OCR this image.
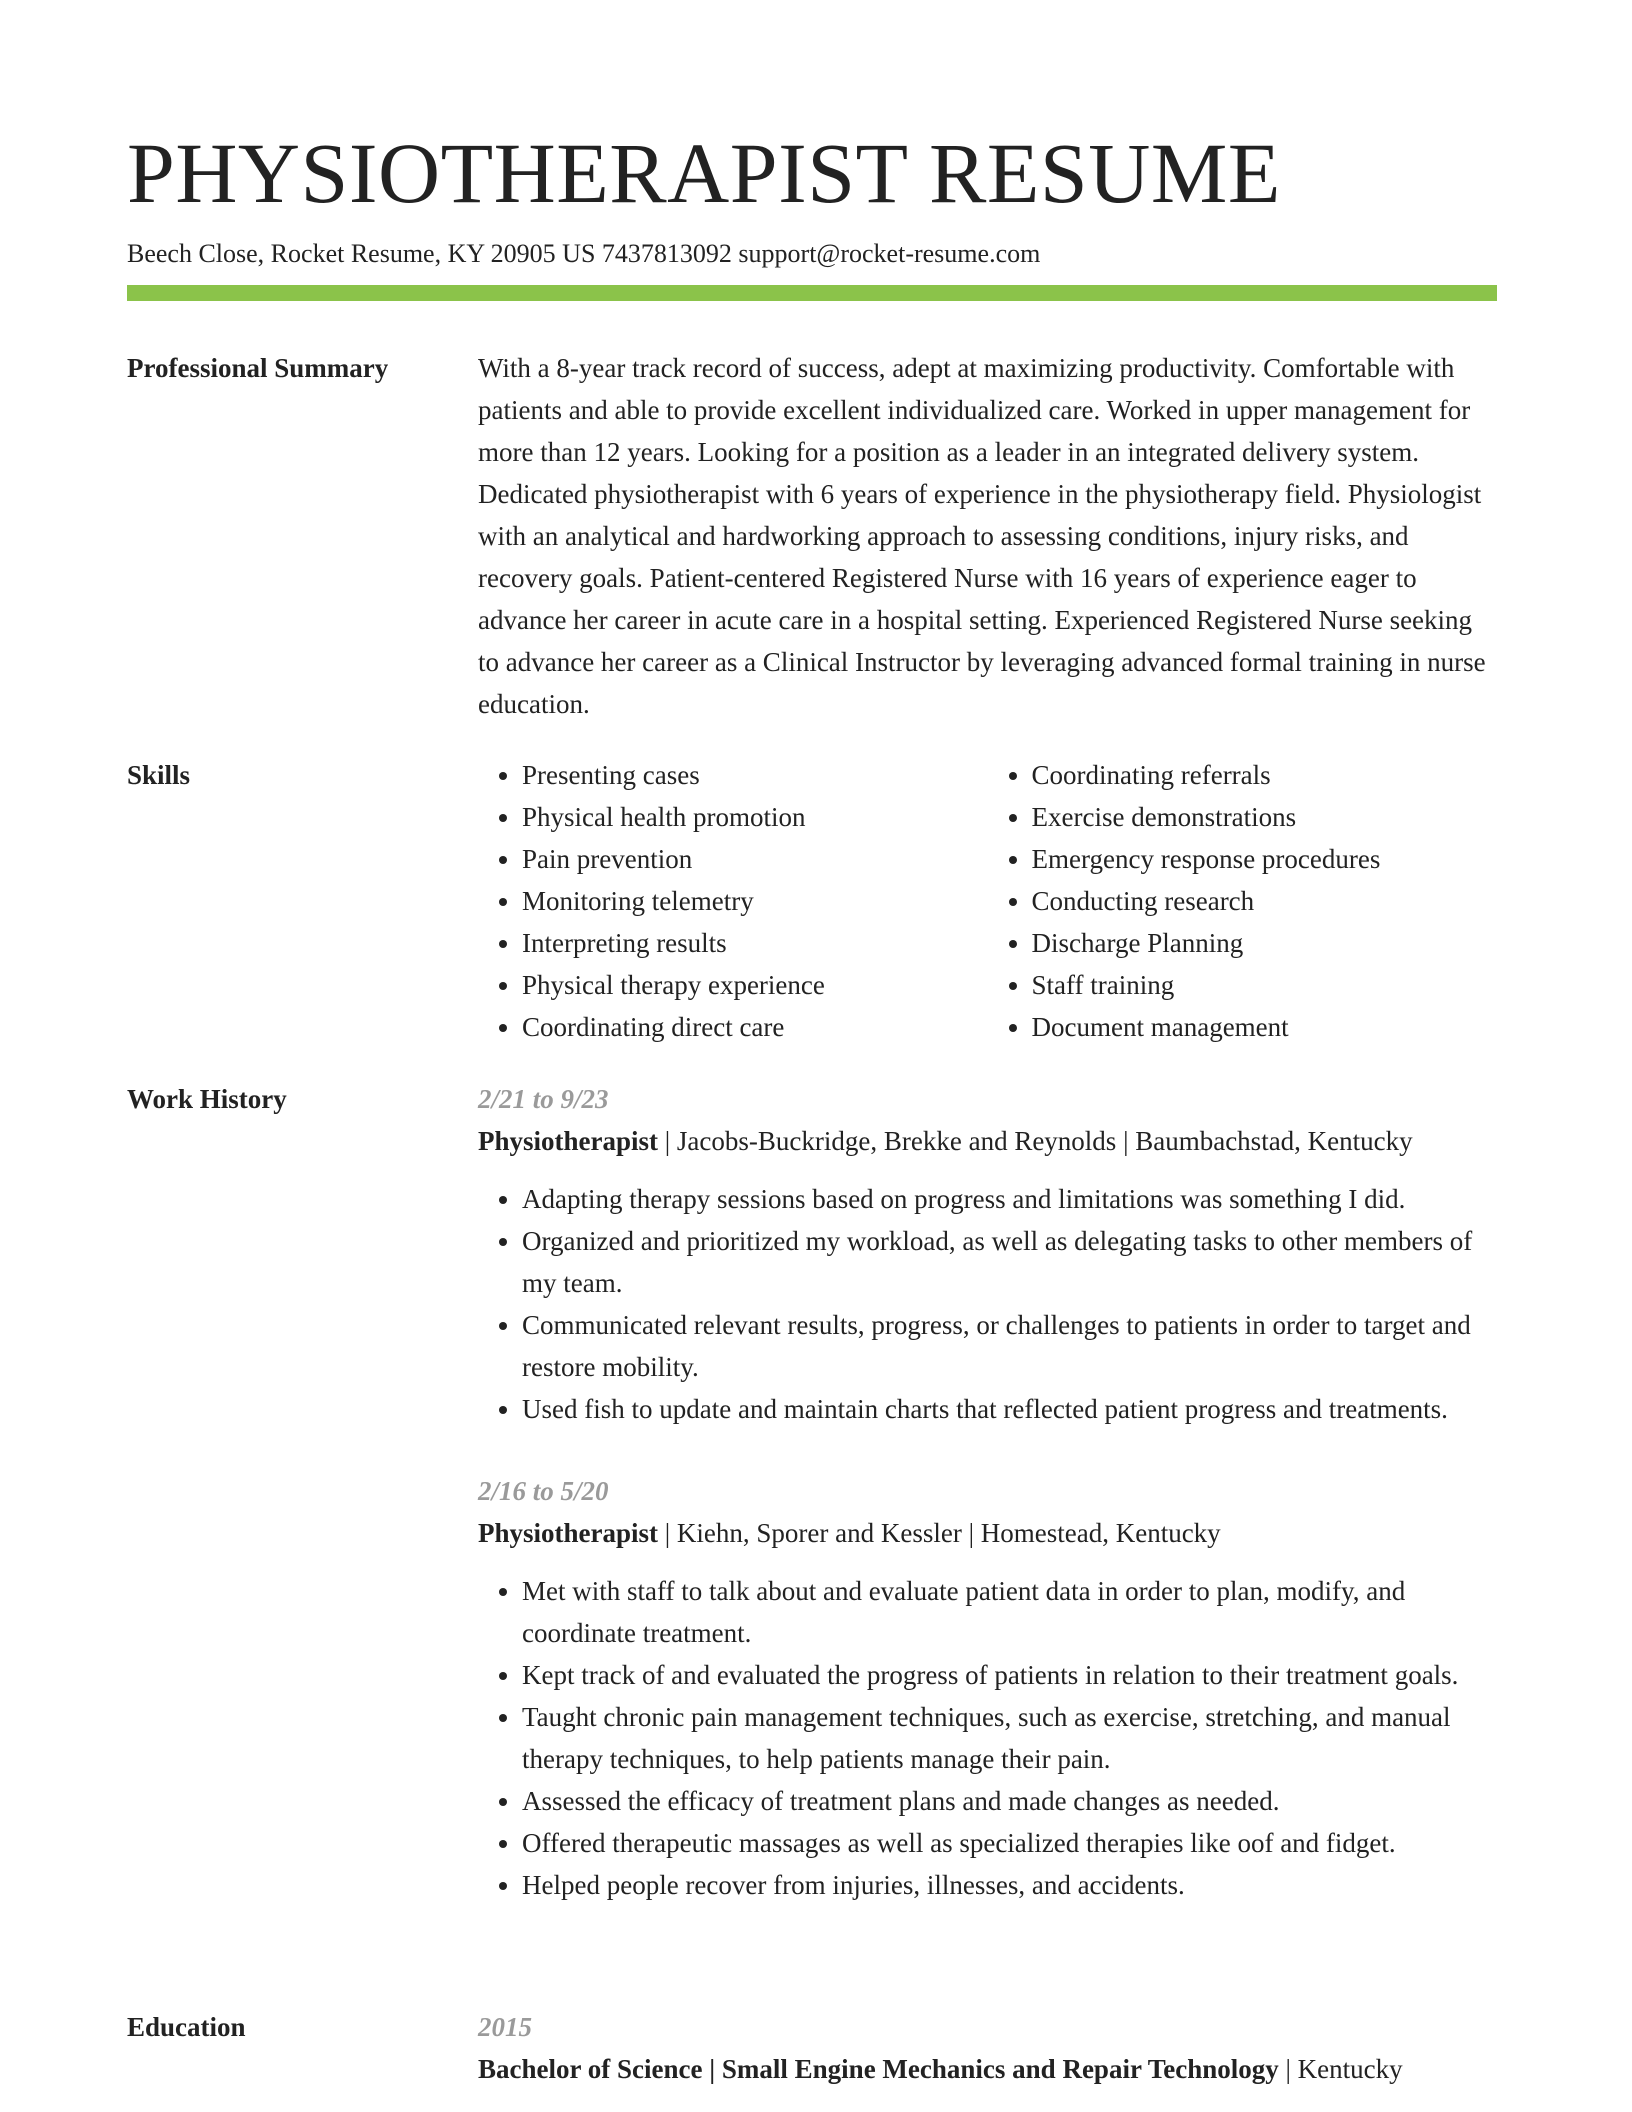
PHYSIOTHERAPIST RESUME
Beech Close, Rocket Resume, KY 20905 US 7437813092 support@rocket-resume.com
Professional Summary	With a 8-year track record of success, adept at maximizing productivity. Comfortable with patients and able to provide excellent individualized care. Worked in upper management for more than 12 years. Looking for a position as a leader in an integrated delivery system. Dedicated physiotherapist with 6 years of experience in the physiotherapy field. Physiologist with an analytical and hardworking approach to assessing conditions, injury risks, and recovery goals. Patient-centered Registered Nurse with 16 years of experience eager to advance her career in acute care in a hospital setting. Experienced Registered Nurse seeking to advance her career as a Clinical Instructor by leveraging advanced formal training in nurse education.

Skills
•	Presenting cases
• Physical health promotion
• Pain prevention
• Monitoring telemetry
• Interpreting results
• Physical therapy experience
• Coordinating direct care
• Coordinating referrals
• Exercise demonstrations
• Emergency response procedures
• Conducting research
• Discharge Planning
• Staff training
• Document management
Work History	2/21 to 9/23
Physiotherapist | Jacobs-Buckridge, Brekke and Reynolds | Baumbachstad, Kentucky
• Adapting therapy sessions based on progress and limitations was something I did.
• Organized and prioritized my workload, as well as delegating tasks to other members of my team.
• Communicated relevant results, progress, or challenges to patients in order to target and restore mobility.
• Used fish to update and maintain charts that reflected patient progress and treatments.
2/16 to 5/20
Physiotherapist | Kiehn, Sporer and Kessler | Homestead, Kentucky
• Met with staff to talk about and evaluate patient data in order to plan, modify, and coordinate treatment.
• Kept track of and evaluated the progress of patients in relation to their treatment goals.
• Taught chronic pain management techniques, such as exercise, stretching, and manual therapy techniques, to help patients manage their pain.
• Assessed the efficacy of treatment plans and made changes as needed.
• Offered therapeutic massages as well as specialized therapies like oof and fidget.
• Helped people recover from injuries, illnesses, and accidents.
Education	2015
Bachelor of Science | Small Engine Mechanics and Repair Technology | Kentucky
